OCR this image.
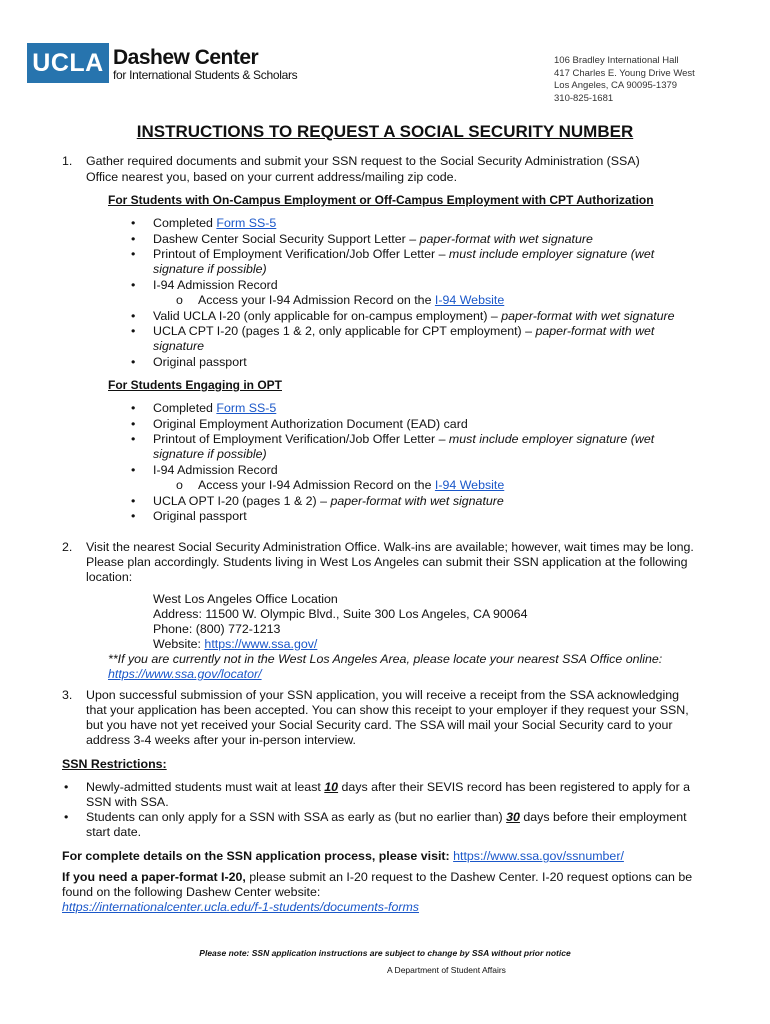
UCLA Dashew Center
for International Students & Scholars
106 Bradley International Hall
417 Charles E. Young Drive West
Los Angeles, CA 90095-1379
310-825-1681
INSTRUCTIONS TO REQUEST A SOCIAL SECURITY NUMBER
1. Gather required documents and submit your SSN request to the Social Security Administration (SSA)
Office nearest you, based on your current address/mailing zip code.
For Students with On-Campus Employment or Off-Campus Employment with CPT Authorization
• Completed Form SS-5
• Dashew Center Social Security Support Letter – paper-format with wet signature
• Printout of Employment Verification/Job Offer Letter – must include employer signature (wet
signature if possible)
• I-94 Admission Record
o Access your I-94 Admission Record on the I-94 Website
• Valid UCLA I-20 (only applicable for on-campus employment) – paper-format with wet signature
• UCLA CPT I-20 (pages 1 & 2, only applicable for CPT employment) – paper-format with wet
signature
• Original passport
For Students Engaging in OPT
• Completed Form SS-5
• Original Employment Authorization Document (EAD) card
• Printout of Employment Verification/Job Offer Letter – must include employer signature (wet
signature if possible)
• I-94 Admission Record
o Access your I-94 Admission Record on the I-94 Website
• UCLA OPT I-20 (pages 1 & 2) – paper-format with wet signature
• Original passport
2. Visit the nearest Social Security Administration Office. Walk-ins are available; however, wait times may be long.
Please plan accordingly. Students living in West Los Angeles can submit their SSN application at the following
location:
West Los Angeles Office Location
Address: 11500 W. Olympic Blvd., Suite 300 Los Angeles, CA 90064
Phone: (800) 772-1213
Website: https://www.ssa.gov/
**If you are currently not in the West Los Angeles Area, please locate your nearest SSA Office online:
https://www.ssa.gov/locator/
3. Upon successful submission of your SSN application, you will receive a receipt from the SSA acknowledging
that your application has been accepted. You can show this receipt to your employer if they request your SSN,
but you have not yet received your Social Security card. The SSA will mail your Social Security card to your
address 3-4 weeks after your in-person interview.
SSN Restrictions:
• Newly-admitted students must wait at least 10 days after their SEVIS record has been registered to apply for a
SSN with SSA.
• Students can only apply for a SSN with SSA as early as (but no earlier than) 30 days before their employment
start date.
For complete details on the SSN application process, please visit: https://www.ssa.gov/ssnumber/
If you need a paper-format I-20, please submit an I-20 request to the Dashew Center. I-20 request options can be
found on the following Dashew Center website:
https://internationalcenter.ucla.edu/f-1-students/documents-forms
Please note: SSN application instructions are subject to change by SSA without prior notice
A Department of Student Affairs
